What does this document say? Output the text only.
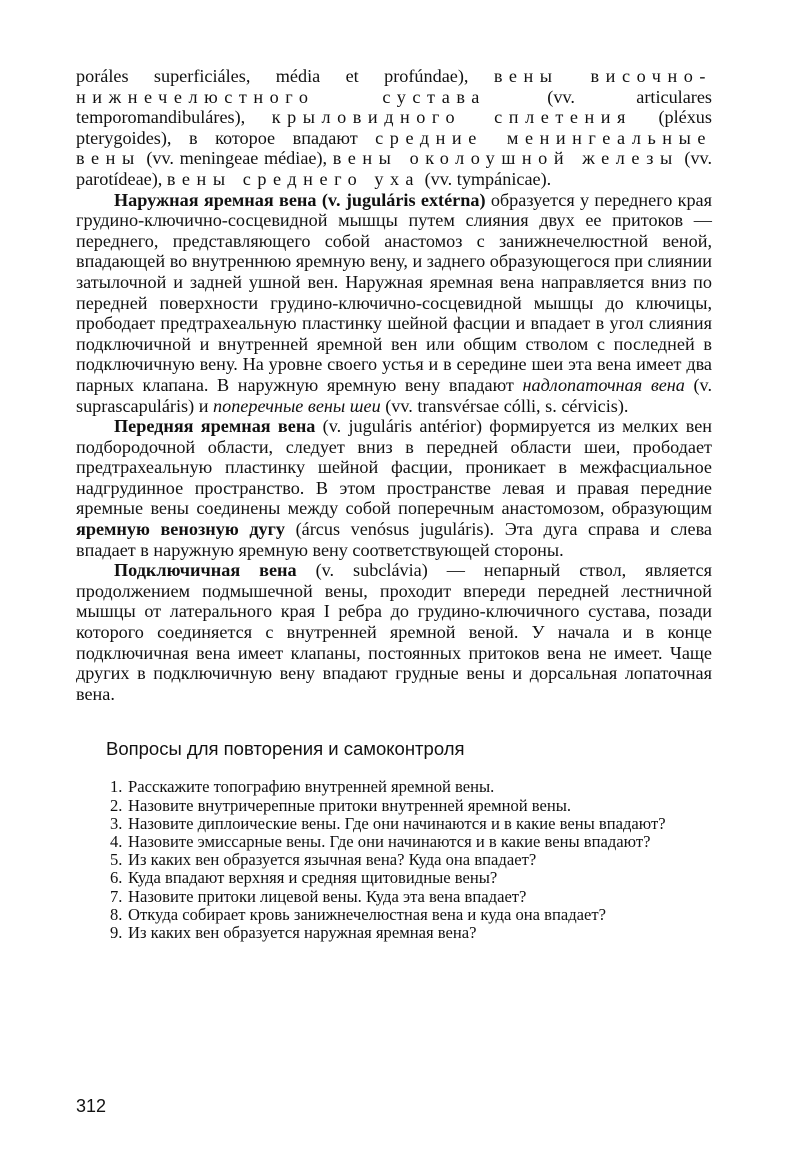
poráles superficiáles, média et profúndae), вены височно-нижнечелюстного сустава (vv. articulares temporomandibuláres), крыловидного сплетения (pléxus pterygoides), в которое впадают средние менингеальные вены (vv. meningeae médiae), вены околоушной железы (vv. parotídeae), вены среднего уха (vv. tympánicae).

Наружная яремная вена (v. juguláris extérna) образуется у переднего края грудино-ключично-сосцевидной мышцы путем слияния двух ее притоков — переднего, представляющего собой анастомоз с занижнечелюстной веной, впадающей во внутреннюю яремную вену, и заднего образующегося при слиянии затылочной и задней ушной вен. Наружная яремная вена направляется вниз по передней поверхности грудино-ключично-сосцевидной мышцы до ключицы, прободает предтрахеальную пластинку шейной фасции и впадает в угол слияния подключичной и внутренней яремной вен или общим стволом с последней в подключичную вену. На уровне своего устья и в середине шеи эта вена имеет два парных клапана. В наружную яремную вену впадают надлопаточная вена (v. suprascapuláris) и поперечные вены шеи (vv. transvérsae cólli, s. cérvicis).

Передняя яремная вена (v. juguláris antérior) формируется из мелких вен подбородочной области, следует вниз в передней области шеи, прободает предтрахеальную пластинку шейной фасции, проникает в межфасциальное надгрудинное пространство. В этом пространстве левая и правая передние яремные вены соединены между собой поперечным анастомозом, образующим яремную венозную дугу (árcus venósus juguláris). Эта дуга справа и слева впадает в наружную яремную вену соответствующей стороны.

Подключичная вена (v. subclávia) — непарный ствол, является продолжением подмышечной вены, проходит впереди передней лестничной мышцы от латерального края I ребра до грудино-ключичного сустава, позади которого соединяется с внутренней яремной веной. У начала и в конце подключичная вена имеет клапаны, постоянных притоков вена не имеет. Чаще других в подключичную вену впадают грудные вены и дорсальная лопаточная вена.

Вопросы для повторения и самоконтроля
1. Расскажите топографию внутренней яремной вены.
2. Назовите внутричерепные притоки внутренней яремной вены.
3. Назовите диплоические вены. Где они начинаются и в какие вены впадают?
4. Назовите эмиссарные вены. Где они начинаются и в какие вены впадают?
5. Из каких вен образуется язычная вена? Куда она впадает?
6. Куда впадают верхняя и средняя щитовидные вены?
7. Назовите притоки лицевой вены. Куда эта вена впадает?
8. Откуда собирает кровь занижнечелюстная вена и куда она впадает?
9. Из каких вен образуется наружная яремная вена?
312
